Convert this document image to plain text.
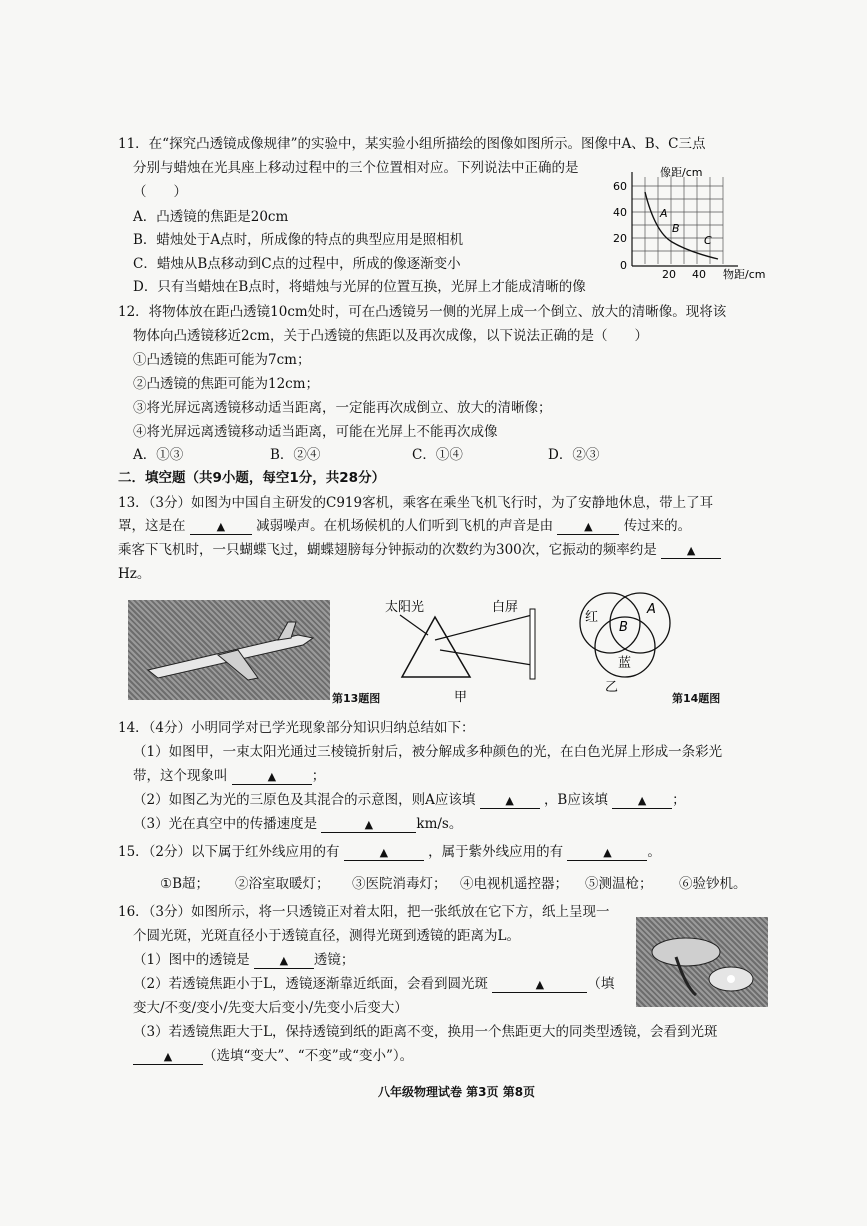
11．在“探究凸透镜成像规律”的实验中，某实验小组所描绘的图像如图所示。图像中A、B、C三点
分别与蜡烛在光具座上移动过程中的三个位置相对应。下列说法中正确的是
（　　）
A．凸透镜的焦距是20cm
B．蜡烛处于A点时，所成像的特点的典型应用是照相机
C．蜡烛从B点移动到C点的过程中，所成的像逐渐变小
D．只有当蜡烛在B点时，将蜡烛与光屏的位置互换，光屏上才能成清晰的像
像距/cm
物距/cm
60
40
20
0
20 40
A
B
C
12．将物体放在距凸透镜10cm处时，可在凸透镜另一侧的光屏上成一个倒立、放大的清晰像。现将该
物体向凸透镜移近2cm，关于凸透镜的焦距以及再次成像，以下说法正确的是（　　）
①凸透镜的焦距可能为7cm；
②凸透镜的焦距可能为12cm；
③将光屏远离透镜移动适当距离，一定能再次成倒立、放大的清晰像；
④将光屏远离透镜移动适当距离，可能在光屏上不能再次成像
A．①③	B．②④	C．①④	D．②③
二．填空题（共9小题，每空1分，共28分）
13．（3分）如图为中国自主研发的C919客机，乘客在乘坐飞机飞行时，为了安静地休息，带上了耳
罩，这是在	▲ 减弱噪声。在机场候机的人们听到飞机的声音是由	▲ 传过来的。
乘客下飞机时，一只蝴蝶飞过，蝴蝶翅膀每分钟振动的次数约为300次，它振动的频率约是	▲
Hz。
第13题图
太阳光	白屏
甲
红
A
B
蓝
乙
第14题图
14．（4分）小明同学对已学光现象部分知识归纳总结如下：
（1）如图甲，一束太阳光通过三棱镜折射后，被分解成多种颜色的光，在白色光屏上形成一条彩光
带，这个现象叫	▲	；
（2）如图乙为光的三原色及其混合的示意图，则A应该填	▲ ，B应该填	▲ ；
（3）光在真空中的传播速度是	▲	km/s。
15．（2分）以下属于红外线应用的有	▲	，属于紫外线应用的有	▲	。
①B超； ②浴室取暖灯； ③医院消毒灯； ④电视机遥控器； ⑤测温枪； ⑥验钞机。
16．（3分）如图所示，将一只透镜正对着太阳，把一张纸放在它下方，纸上呈现一
个圆光斑，光斑直径小于透镜直径，测得光斑到透镜的距离为L。
（1）图中的透镜是	▲ 透镜；
（2）若透镜焦距小于L，透镜逐渐靠近纸面，会看到圆光斑	▲	（填
变大/不变/变小/先变大后变小/先变小后变大）
（3）若透镜焦距大于L，保持透镜到纸的距离不变，换用一个焦距更大的同类型透镜，会看到光斑
▲ （选填“变大”、“不变”或“变小”）。
八年级物理试卷 第3页 第8页
